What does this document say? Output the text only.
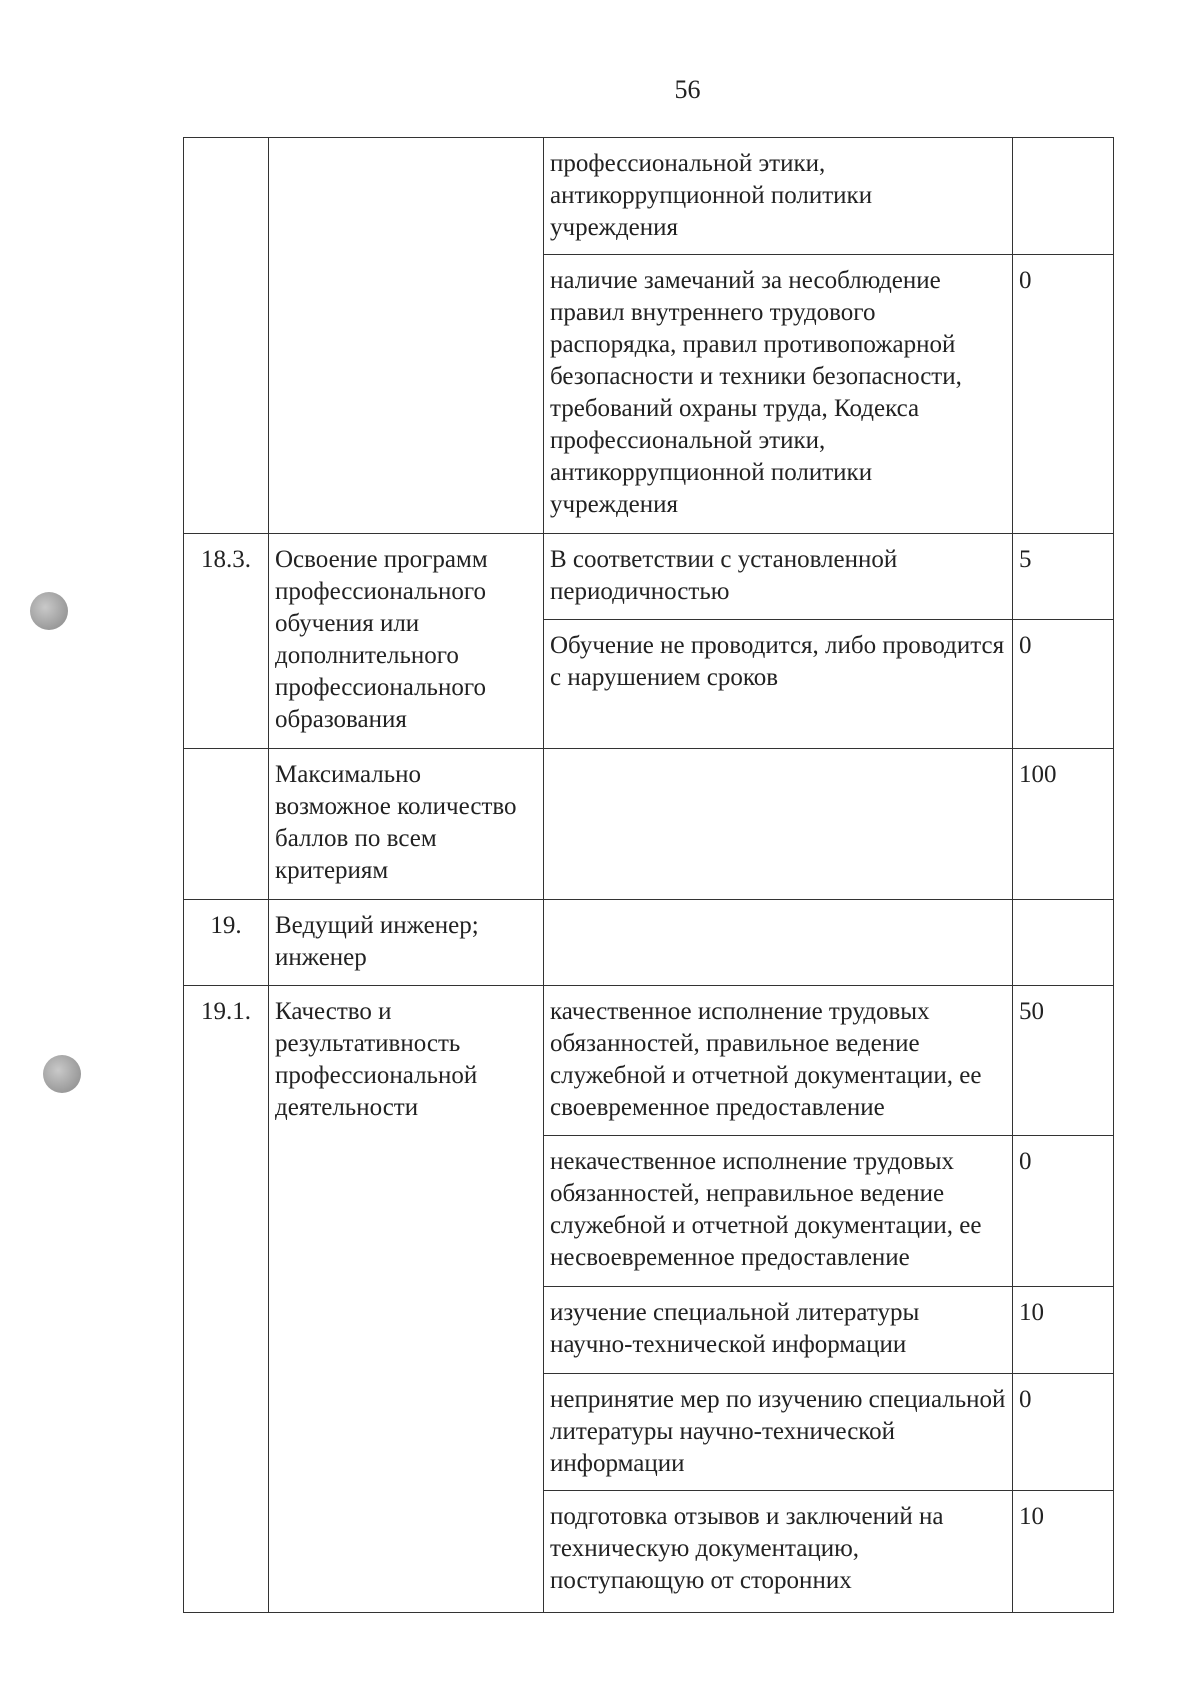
56
		профессиональной этики, антикоррупционной политики учреждения	
		наличие замечаний за несоблюдение правил внутреннего трудового распорядка, правил противопожарной безопасности и техники безопасности, требований охраны труда, Кодекса профессиональной этики, антикоррупционной политики учреждения	0
18.3.	Освоение программ профессионального обучения или дополнительного профессионального образования	В соответствии с установленной периодичностью	5
		Обучение не проводится, либо проводится с нарушением сроков	0
	Максимально возможное количество баллов по всем критериям		100
19.	Ведущий инженер; инженер		
19.1.	Качество и результативность профессиональной деятельности	качественное исполнение трудовых обязанностей, правильное ведение служебной и отчетной документации, ее своевременное предоставление	50
		некачественное исполнение трудовых обязанностей, неправильное ведение служебной и отчетной документации, ее несвоевременное предоставление	0
		изучение специальной литературы научно-технической информации	10
		непринятие мер по изучению специальной литературы научно-технической информации	0
		подготовка отзывов и заключений на техническую документацию, поступающую от сторонних	10
